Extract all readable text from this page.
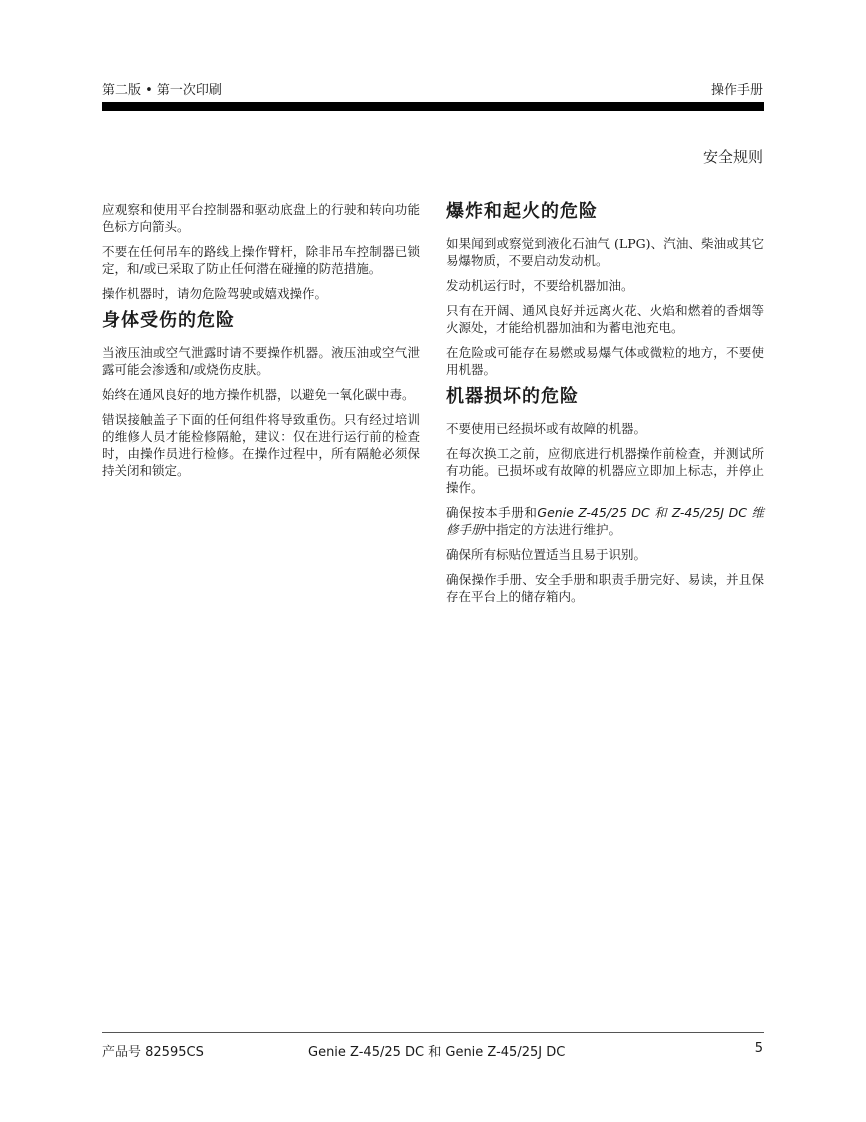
第二版 • 第一次印刷	操作手册
安全规则

应观察和使用平台控制器和驱动底盘上的行驶和转向功能色标方向箭头。

不要在任何吊车的路线上操作臂杆，除非吊车控制器已锁定，和/或已采取了防止任何潜在碰撞的防范措施。

操作机器时，请勿危险驾驶或嬉戏操作。

身体受伤的危险

当液压油或空气泄露时请不要操作机器。液压油或空气泄露可能会渗透和/或烧伤皮肤。

始终在通风良好的地方操作机器，以避免一氧化碳中毒。

错误接触盖子下面的任何组件将导致重伤。只有经过培训的维修人员才能检修隔舱，建议：仅在进行运行前的检查时，由操作员进行检修。在操作过程中，所有隔舱必须保持关闭和锁定。

爆炸和起火的危险

如果闻到或察觉到液化石油气 (LPG)、汽油、柴油或其它易爆物质，不要启动发动机。

发动机运行时，不要给机器加油。

只有在开阔、通风良好并远离火花、火焰和燃着的香烟等火源处，才能给机器加油和为蓄电池充电。

在危险或可能存在易燃或易爆气体或微粒的地方，不要使用机器。

机器损坏的危险

不要使用已经损坏或有故障的机器。

在每次换工之前，应彻底进行机器操作前检查，并测试所有功能。已损坏或有故障的机器应立即加上标志，并停止操作。

确保按本手册和Genie Z-45/25 DC 和 Z-45/25J DC 维修手册中指定的方法进行维护。

确保所有标贴位置适当且易于识别。

确保操作手册、安全手册和职责手册完好、易读，并且保存在平台上的储存箱内。

产品号 82595CS	Genie Z-45/25 DC 和 Genie Z-45/25J DC	5
